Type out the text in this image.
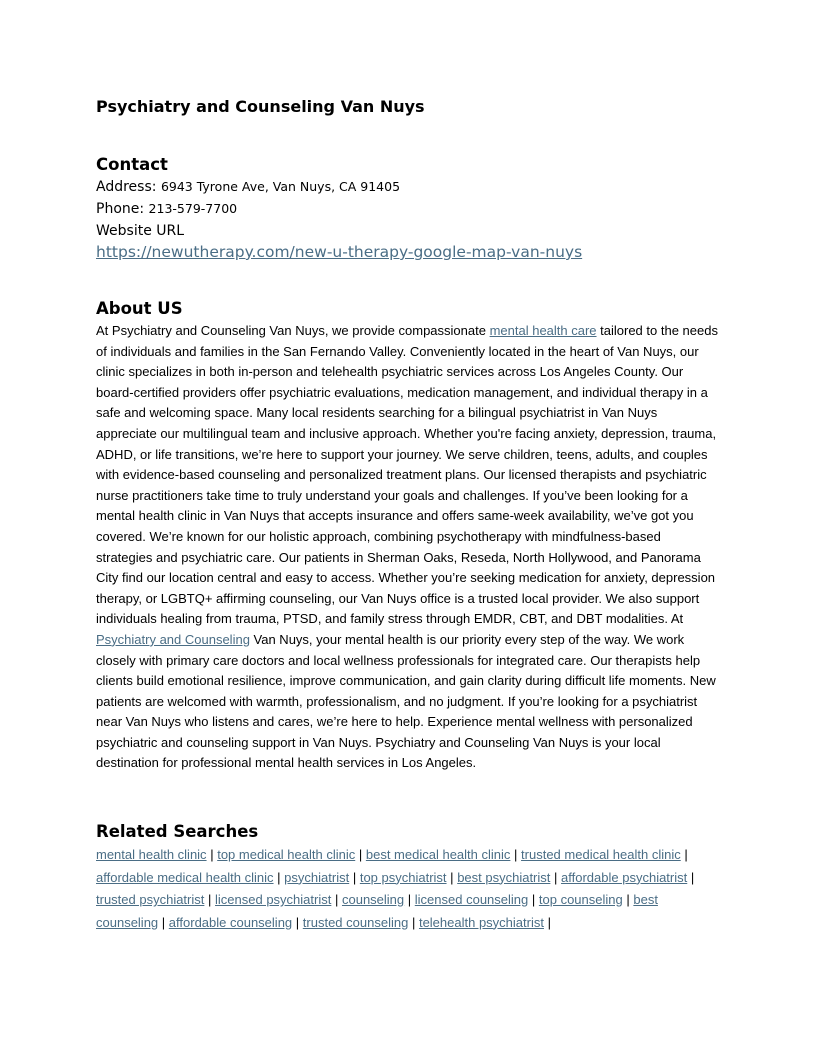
Psychiatry and Counseling Van Nuys
Contact
Address: 6943 Tyrone Ave, Van Nuys, CA 91405
Phone: 213-579-7700
Website URL
https://newutherapy.com/new-u-therapy-google-map-van-nuys
About US

At Psychiatry and Counseling Van Nuys, we provide compassionate mental health care tailored to the needs of individuals and families in the San Fernando Valley. Conveniently located in the heart of Van Nuys, our clinic specializes in both in-person and telehealth psychiatric services across Los Angeles County. Our board-certified providers offer psychiatric evaluations, medication management, and individual therapy in a safe and welcoming space. Many local residents searching for a bilingual psychiatrist in Van Nuys appreciate our multilingual team and inclusive approach. Whether you're facing anxiety, depression, trauma, ADHD, or life transitions, we’re here to support your journey. We serve children, teens, adults, and couples with evidence-based counseling and personalized treatment plans. Our licensed therapists and psychiatric nurse practitioners take time to truly understand your goals and challenges. If you’ve been looking for a mental health clinic in Van Nuys that accepts insurance and offers same-week availability, we’ve got you covered. We’re known for our holistic approach, combining psychotherapy with mindfulness-based strategies and psychiatric care. Our patients in Sherman Oaks, Reseda, North Hollywood, and Panorama City find our location central and easy to access. Whether you’re seeking medication for anxiety, depression therapy, or LGBTQ+ affirming counseling, our Van Nuys office is a trusted local provider. We also support individuals healing from trauma, PTSD, and family stress through EMDR, CBT, and DBT modalities. At Psychiatry and Counseling Van Nuys, your mental health is our priority every step of the way. We work closely with primary care doctors and local wellness professionals for integrated care. Our therapists help clients build emotional resilience, improve communication, and gain clarity during difficult life moments. New patients are welcomed with warmth, professionalism, and no judgment. If you’re looking for a psychiatrist near Van Nuys who listens and cares, we’re here to help. Experience mental wellness with personalized psychiatric and counseling support in Van Nuys. Psychiatry and Counseling Van Nuys is your local destination for professional mental health services in Los Angeles.

Related Searches
mental health clinic | top medical health clinic | best medical health clinic | trusted medical health clinic | affordable medical health clinic | psychiatrist | top psychiatrist | best psychiatrist | affordable psychiatrist | trusted psychiatrist | licensed psychiatrist | counseling | licensed counseling | top counseling | best counseling | affordable counseling | trusted counseling | telehealth psychiatrist |
